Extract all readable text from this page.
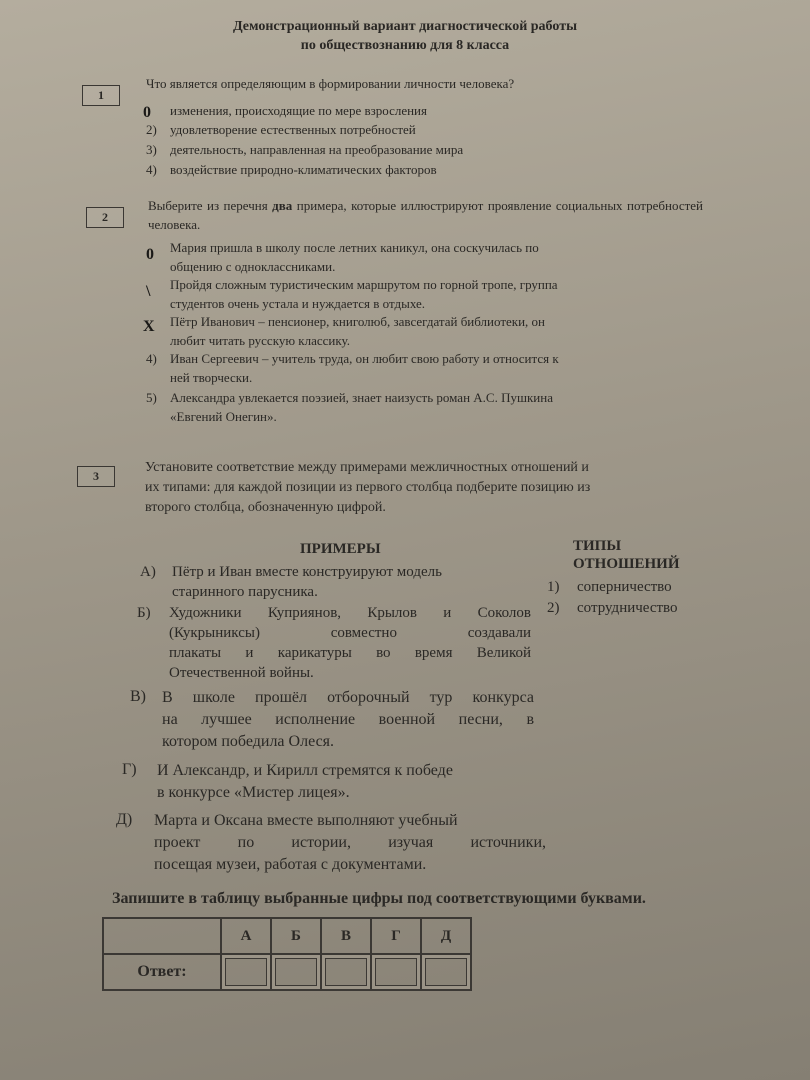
Демонстрационный вариант диагностической работы
по обществознанию для 8 класса
1
Что является определяющим в формировании личности человека?
0	изменения, происходящие по мере взросления
2) удовлетворение естественных потребностей
3) деятельность, направленная на преобразование мира
4) воздействие природно-климатических факторов
2
Выберите из перечня два примера, которые иллюстрируют проявление социальных потребностей человека.
0
\
X
Мария пришла в школу после летних каникул, она соскучилась по
общению с одноклассниками.
Пройдя сложным туристическим маршрутом по горной тропе, группа
студентов очень устала и нуждается в отдыхе.
Пётр Иванович – пенсионер, книголюб, завсегдатай библиотеки, он
любит читать русскую классику.
4) Иван Сергеевич – учитель труда, он любит свою работу и относится к
ней творчески.
5) Александра увлекается поэзией, знает наизусть роман А.С. Пушкина
«Евгений Онегин».
3
Установите соответствие между примерами межличностных отношений и
их типами: для каждой позиции из первого столбца подберите позицию из
второго столбца, обозначенную цифрой.
ПРИМЕРЫ	ТИПЫ
ОТНОШЕНИЙ
1) соперничество
2) сотрудничество
А) Пётр и Иван вместе конструируют модель
старинного парусника.
Б) Художники Куприянов, Крылов и Соколов
(Кукрыниксы) совместно создавали
плакаты и карикатуры во время Великой
Отечественной войны.
В) В школе прошёл отборочный тур конкурса
на лучшее исполнение военной песни, в
котором победила Олеся.
Г) И Александр, и Кирилл стремятся к победе
в конкурсе «Мистер лицея».
Д) Марта и Оксана вместе выполняют учебный
проект по истории, изучая источники,
посещая музеи, работая с документами.
Запишите в таблицу выбранные цифры под соответствующими буквами.
	А	Б	В	Г	Д
Ответ:					
